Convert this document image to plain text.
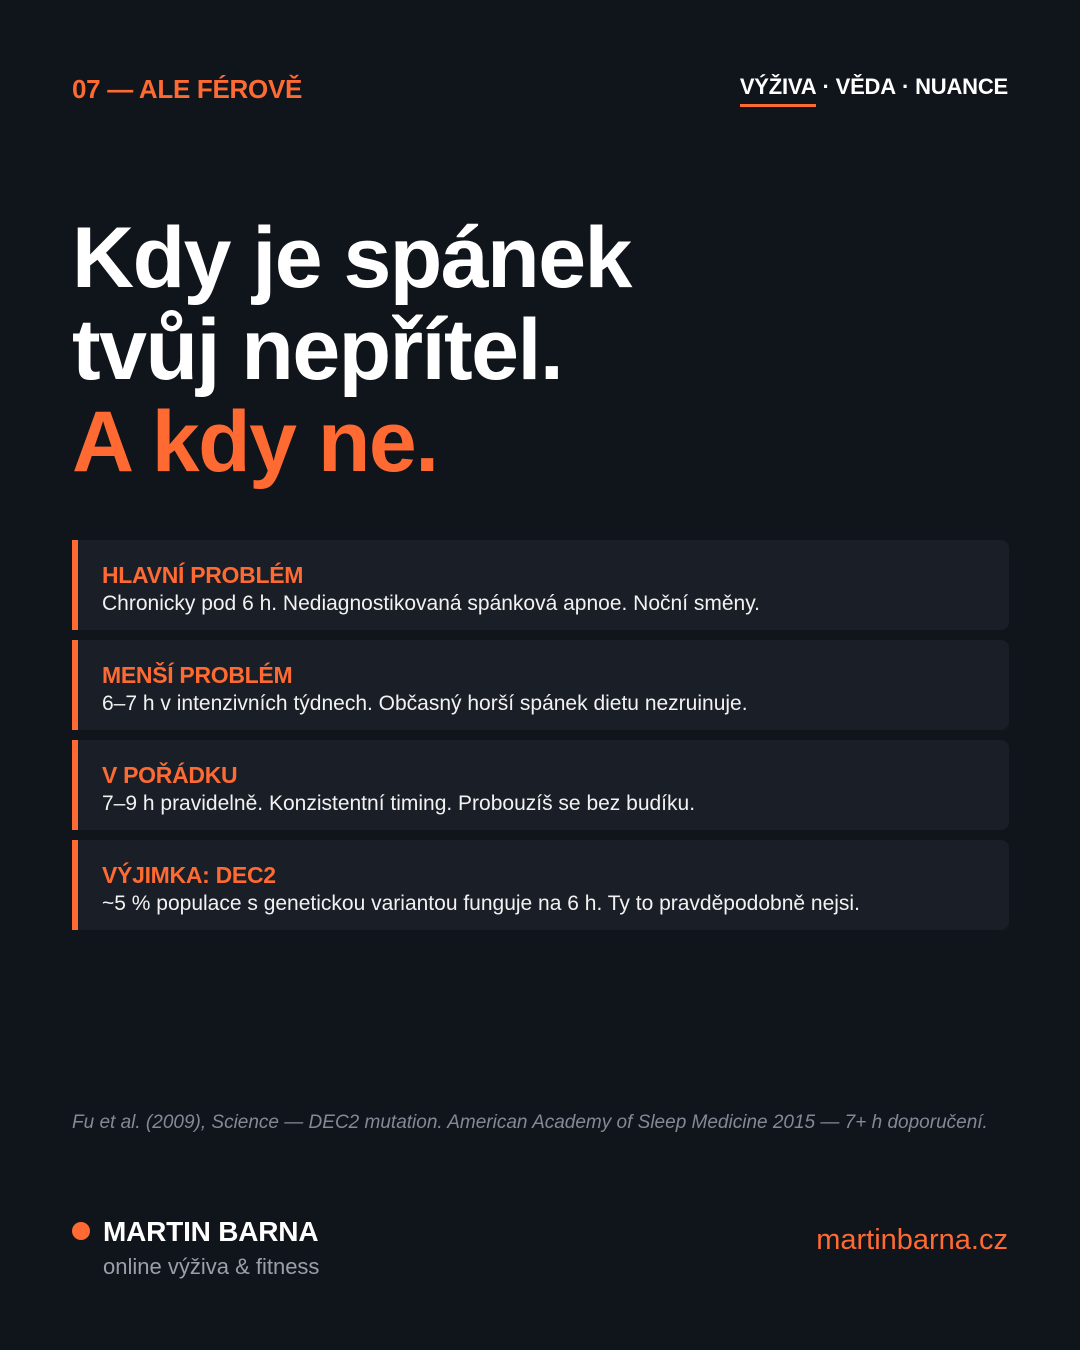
07 — ALE FÉROVĚ	VÝŽIVA · VĚDA · NUANCE
Kdy je spánek
tvůj nepřítel.
A kdy ne.
HLAVNÍ PROBLÉM
Chronicky pod 6 h. Nediagnostikovaná spánková apnoe. Noční směny.
MENŠÍ PROBLÉM
6–7 h v intenzivních týdnech. Občasný horší spánek dietu nezruinuje.
V POŘÁDKU
7–9 h pravidelně. Konzistentní timing. Probouzíš se bez budíku.
VÝJIMKA: DEC2
~5 % populace s genetickou variantou funguje na 6 h. Ty to pravděpodobně nejsi.
Fu et al. (2009), Science — DEC2 mutation. American Academy of Sleep Medicine 2015 — 7+ h doporučení.
MARTIN BARNA
online výživa & fitness
martinbarna.cz
